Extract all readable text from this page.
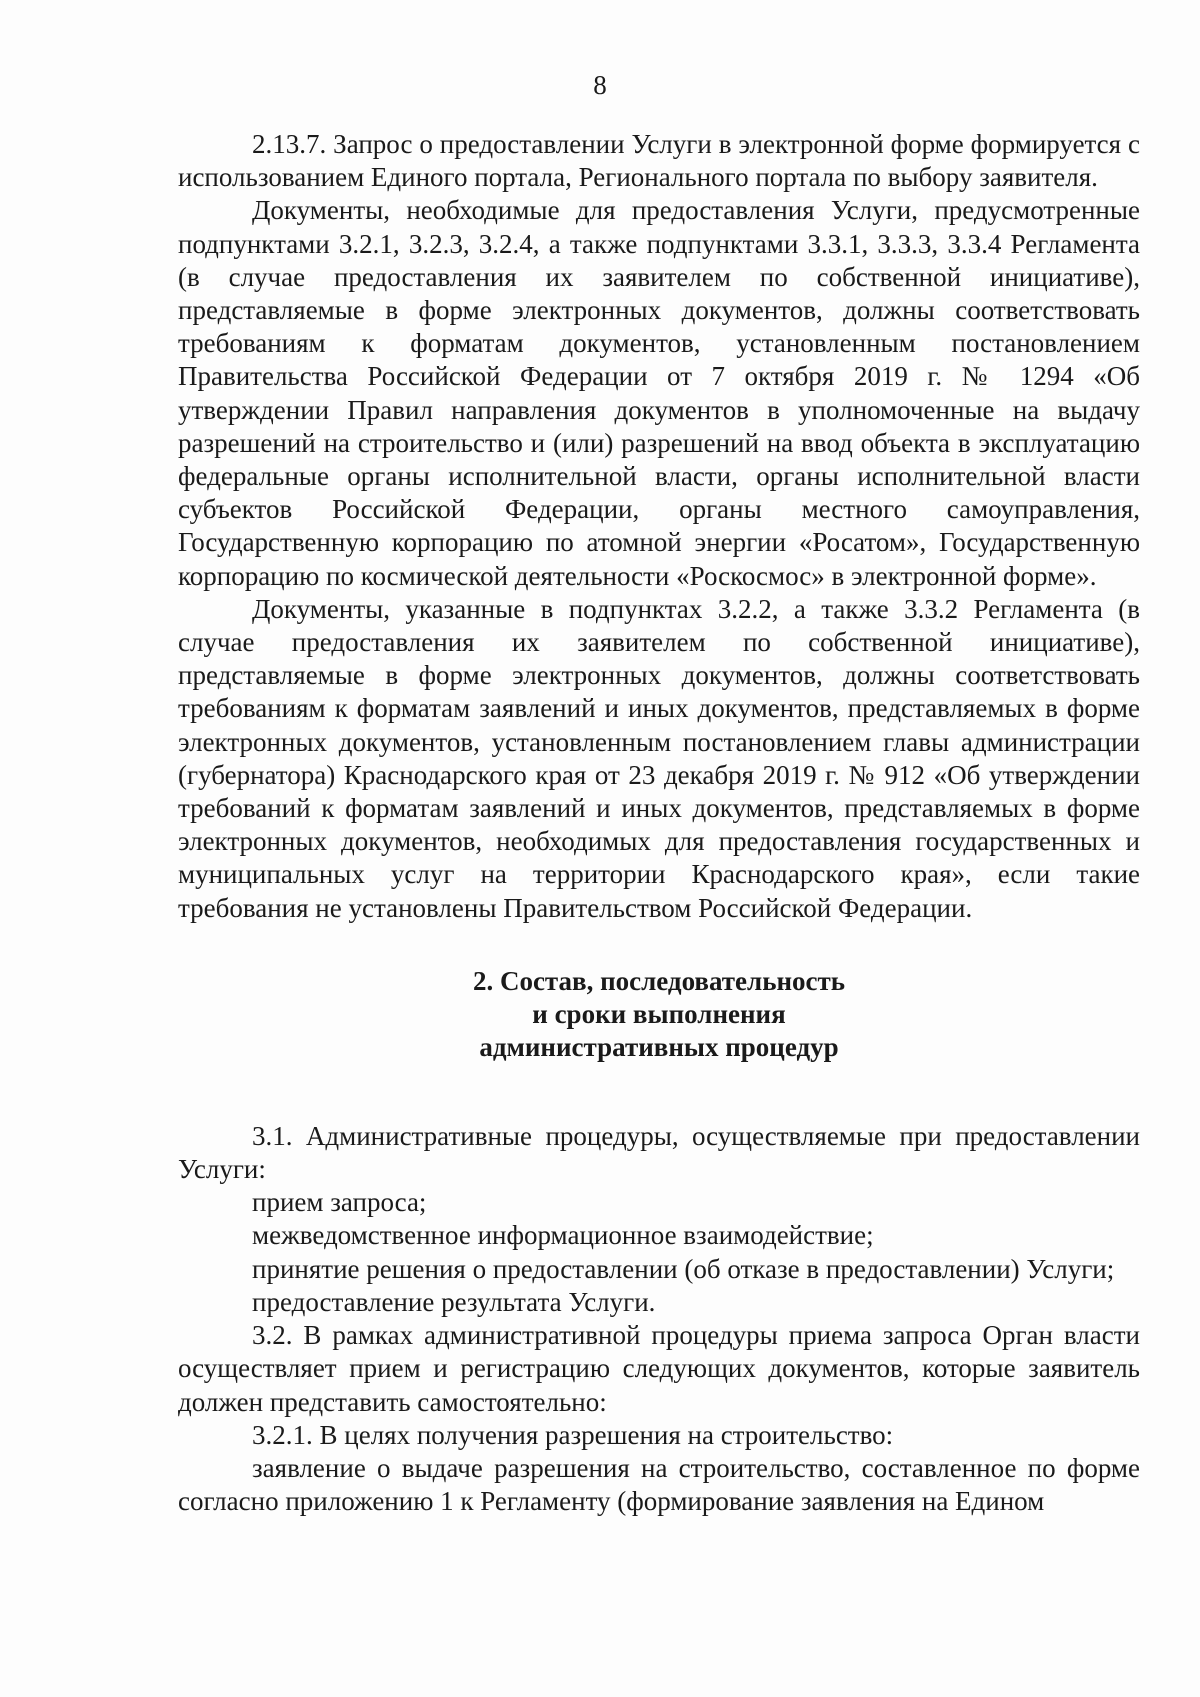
8

2.13.7. Запрос о предоставлении Услуги в электронной форме формируется с использованием Единого портала, Регионального портала по выбору заявителя.

Документы, необходимые для предоставления Услуги, предусмотренные подпунктами 3.2.1, 3.2.3, 3.2.4, а также подпунктами 3.3.1, 3.3.3, 3.3.4 Регламента (в случае предоставления их заявителем по собственной инициативе), представляемые в форме электронных документов, должны соответствовать требованиям к форматам документов, установленным постановлением Правительства Российской Федерации от 7 октября 2019 г. № 1294 «Об утверждении Правил направления документов в уполномоченные на выдачу разрешений на строительство и (или) разрешений на ввод объекта в эксплуатацию федеральные органы исполнительной власти, органы исполнительной власти субъектов Российской Федерации, органы местного самоуправления, Государственную корпорацию по атомной энергии «Росатом», Государственную корпорацию по космической деятельности «Роскосмос» в электронной форме».

Документы, указанные в подпунктах 3.2.2, а также 3.3.2 Регламента (в случае предоставления их заявителем по собственной инициативе), представляемые в форме электронных документов, должны соответствовать требованиям к форматам заявлений и иных документов, представляемых в форме электронных документов, установленным постановлением главы администрации (губернатора) Краснодарского края от 23 декабря 2019 г. № 912 «Об утверждении требований к форматам заявлений и иных документов, представляемых в форме электронных документов, необходимых для предоставления государственных и муниципальных услуг на территории Краснодарского края», если такие требования не установлены Правительством Российской Федерации.

2. Состав, последовательность
и сроки выполнения
административных процедур

3.1. Административные процедуры, осуществляемые при предоставлении Услуги:

прием запроса;

межведомственное информационное взаимодействие;

принятие решения о предоставлении (об отказе в предоставлении) Услуги;

предоставление результата Услуги.

3.2. В рамках административной процедуры приема запроса Орган власти осуществляет прием и регистрацию следующих документов, которые заявитель должен представить самостоятельно:

3.2.1. В целях получения разрешения на строительство:

заявление о выдаче разрешения на строительство, составленное по форме согласно приложению 1 к Регламенту (формирование заявления на Едином
